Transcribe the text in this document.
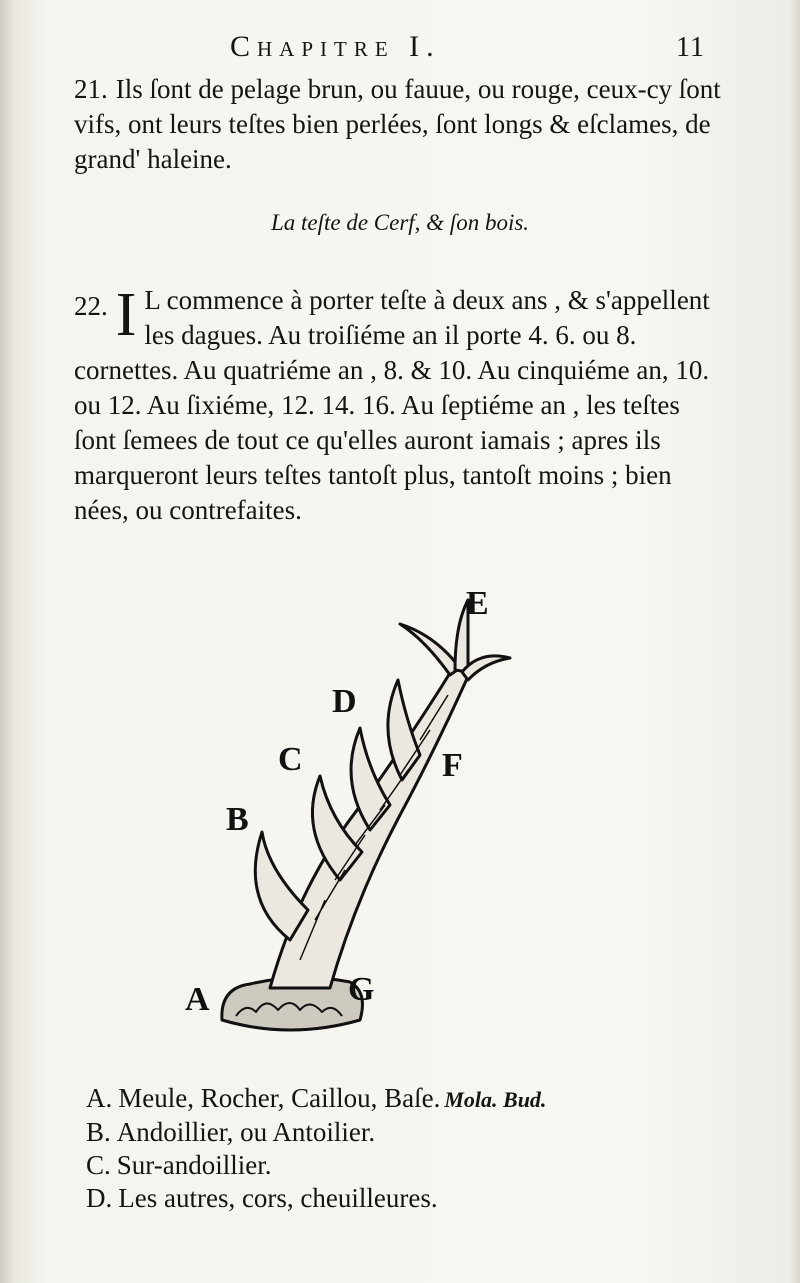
Chapitre I.	11

21. Ils ſont de pelage brun, ou fauue, ou rouge, ceux-cy ſont vifs, ont leurs teſtes bien perlées, ſont longs & eſclames, de grand' haleine.

La teſte de Cerf, & ſon bois.

22. I L commence à porter teſte à deux ans , & s'appellent les dagues. Au troiſiéme an il porte 4. 6. ou 8. cornettes. Au quatriéme an , 8. & 10. Au cinquiéme an, 10. ou 12. Au ſixiéme, 12. 14. 16. Au ſeptiéme an , les teſtes ſont ſemees de tout ce qu'elles auront iamais ; apres ils marqueront leurs teſtes tantoſt plus, tantoſt moins ; bien nées, ou contrefaites.

A
B
C
D
E
F
G
A. Meule, Rocher, Caillou, Baſe. Mola. Bud.
B. Andoillier, ou Antoilier.
C. Sur-andoillier.
D. Les autres, cors, cheuilleures.
